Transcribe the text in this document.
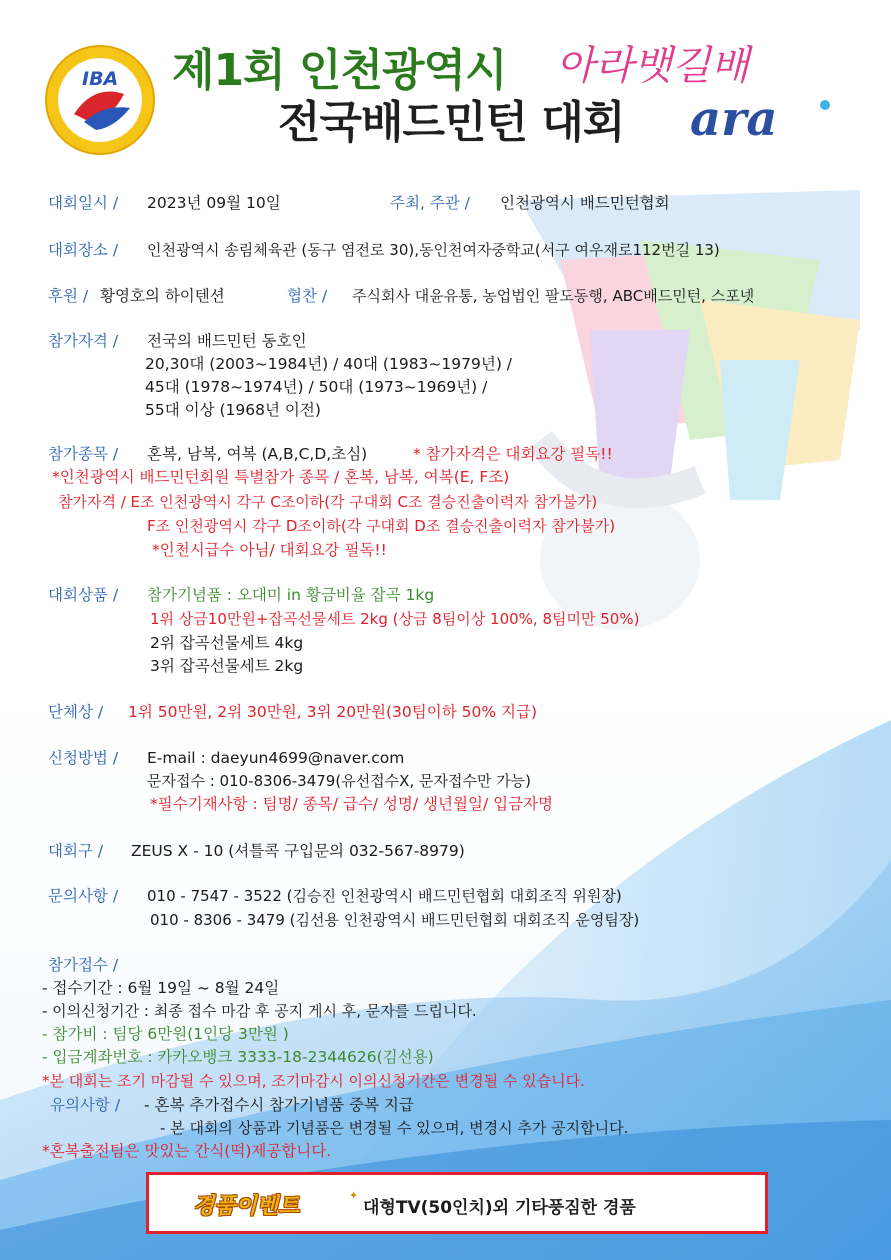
IBA 제1회 인천광역시
전국배드민턴 대회
아라뱃길배
ara
대회일시 / 2023년 09월 10일	주최, 주관 / 인천광역시 배드민턴협회
대회장소 / 인천광역시 송림체육관 (동구 염전로 30),동인천여자중학교(서구 여우재로112번길 13)
후원 / 황영호의 하이텐션	협찬 / 주식회사 대윤유통, 농업법인 팔도동행, ABC배드민턴, 스포넷
참가자격 / 전국의 배드민턴 동호인
20,30대 (2003~1984년) / 40대 (1983~1979년) /
45대 (1978~1974년) / 50대 (1973~1969년) /
55대 이상 (1968년 이전)
참가종목 / 혼복, 남복, 여복 (A,B,C,D,초심)	* 참가자격은 대회요강 필독!!
*인천광역시 배드민턴회원 특별참가 종목 / 혼복, 남복, 여복(E, F조)
참가자격 / E조 인천광역시 각구 C조이하(각 구대회 C조 결승진출이력자 참가불가)
F조 인천광역시 각구 D조이하(각 구대회 D조 결승진출이력자 참가불가)
*인천시급수 아님/ 대회요강 필독!!
대회상품 / 참가기념품 : 오대미 in 황금비율 잡곡 1kg
1위 상금10만원+잡곡선물세트 2kg (상금 8팀이상 100%, 8팀미만 50%)
2위 잡곡선물세트 4kg
3위 잡곡선물세트 2kg
단체상 / 1위 50만원, 2위 30만원, 3위 20만원(30팀이하 50% 지급)
신청방법 / E-mail : daeyun4699@naver.com
문자접수 : 010-8306-3479(유선접수X, 문자접수만 가능)
*필수기재사항 : 팀명/ 종목/ 급수/ 성명/ 생년월일/ 입금자명
대회구 / ZEUS X - 10 (셔틀콕 구입문의 032-567-8979)
문의사항 / 010 - 7547 - 3522 (김승진 인천광역시 배드민턴협회 대회조직 위원장)
010 - 8306 - 3479 (김선용 인천광역시 배드민턴협회 대회조직 운영팀장)
참가접수 /
- 접수기간 : 6월 19일 ~ 8월 24일
- 이의신청기간 : 최종 접수 마감 후 공지 게시 후, 문자를 드립니다.
- 참가비 : 팀당 6만원(1인당 3만원 )
- 입금계좌번호 : 카카오뱅크 3333-18-2344626(김선용)
*본 대회는 조기 마감될 수 있으며, 조기마감시 이의신청기간은 변경될 수 있습니다.
유의사항 / - 혼복 추가접수시 참가기념품 중복 지급
- 본 대회의 상품과 기념품은 변경될 수 있으며, 변경시 추가 공지합니다.
*혼복출전팀은 맛있는 간식(떡)제공합니다.
경품이벤트	✦
대형TV(50인치)외 기타풍짐한 경품
